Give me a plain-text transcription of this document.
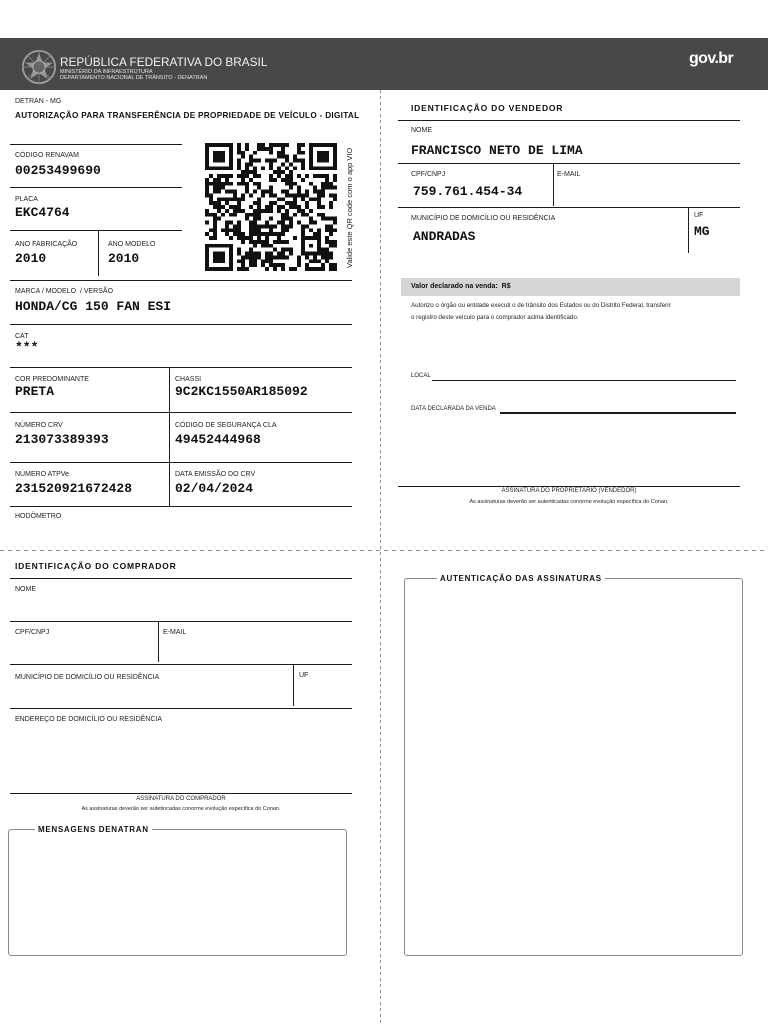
REPÚBLICA FEDERATIVA DO BRASIL
MINISTÉRIO DA INFRAESTRUTURA
DEPARTAMENTO NACIONAL DE TRÂNSITO - DENATRAN
gov.br
DETRAN - MG
AUTORIZAÇÃO PARA TRANSFERÊNCIA DE PROPRIEDADE DE VEÍCULO - DIGITAL
CÓDIGO RENAVAM
00253499690
PLACA
EKC4764
ANO FABRICAÇÃO
2010
ANO MODELO
2010	Valide este QR code com o app VIO
MARCA / MODELO  / VERSÃO
HONDA/CG 150 FAN ESI
CAT
***
COR PREDOMINANTE
PRETA
CHASSI
9C2KC1550AR185092
NÚMERO CRV
213073389393
CÓDIGO DE SEGURANÇA CLA
49452444968
NÚMERO ATPVe
231520921672428
DATA EMISSÃO DO CRV
02/04/2024
HODÔMETRO
IDENTIFICAÇÃO DO VENDEDOR
NOME
FRANCISCO NETO DE LIMA
CPF/CNPJ
759.761.454-34
E-MAIL
MUNICÍPIO DE DOMICÍLIO OU RESIDÊNCIA
ANDRADAS
UF
MG
Valor declarado na venda:  R$
Autorizo o órgão ou entdade executi o de trânsito dos Estados ou do Distrito Federal, transferir
o registro deste veículo para o comprador acima identificado.
LOCAL
DATA DECLARADA DA VENDA
ASSINATURA DO PROPRIETÁRIO (VENDEDOR)
As assinaturas deverão ser autenticadas conorme evolução específica do Conan.
IDENTIFICAÇÃO DO COMPRADOR
NOME
CPF/CNPJ	E-MAIL
MUNICÍPIO DE DOMICÍLIO OU RESIDÊNCIA	UF
ENDEREÇO DE DOMICÍLIO OU RESIDÊNCIA
ASSINATURA DO COMPRADOR
As assinaturas deverão ser autetincadas conorme evolução específica do Conan.
MENSAGENS DENATRAN
AUTENTICAÇÃO DAS ASSINATURAS
